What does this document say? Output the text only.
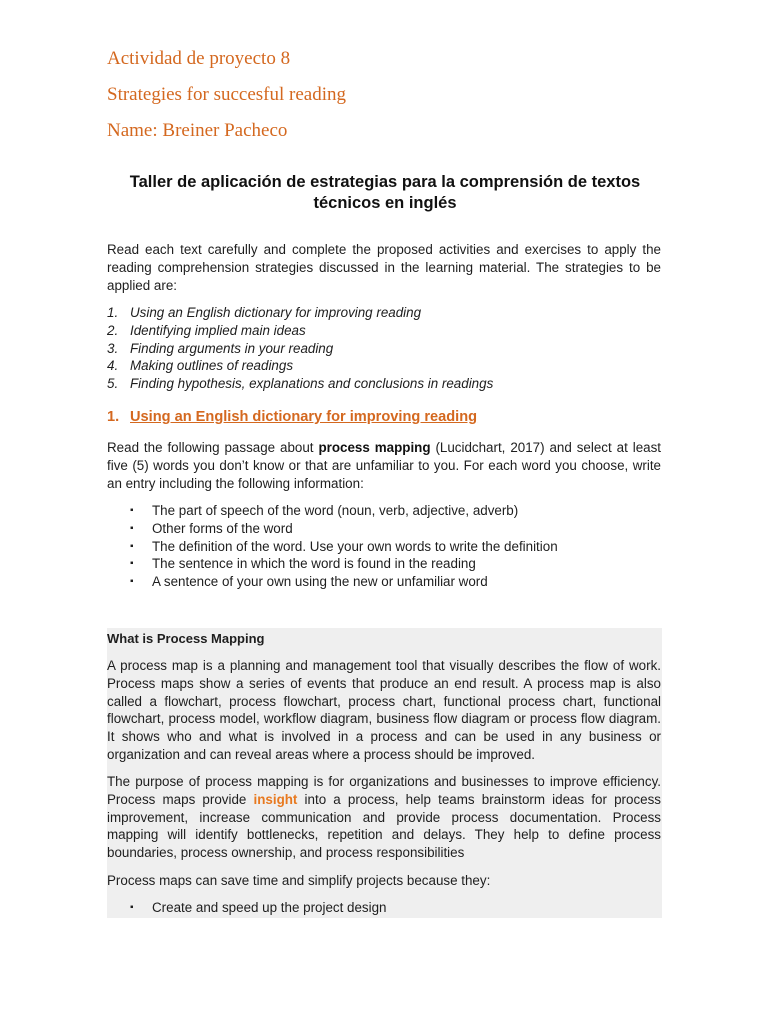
Actividad de proyecto 8
Strategies for succesful reading
Name: Breiner Pacheco
Taller de aplicación de estrategias para la comprensión de textos técnicos en inglés

Read each text carefully and complete the proposed activities and exercises to apply the reading comprehension strategies discussed in the learning material. The strategies to be applied are:

1. Using an English dictionary for improving reading
2. Identifying implied main ideas
3. Finding arguments in your reading
4. Making outlines of readings
5. Finding hypothesis, explanations and conclusions in readings
1. Using an English dictionary for improving reading

Read the following passage about process mapping (Lucidchart, 2017) and select at least five (5) words you don’t know or that are unfamiliar to you. For each word you choose, write an entry including the following information:

▪	The part of speech of the word (noun, verb, adjective, adverb)
▪	Other forms of the word
▪	The definition of the word. Use your own words to write the definition
▪	The sentence in which the word is found in the reading
▪	A sentence of your own using the new or unfamiliar word

What is Process Mapping

A process map is a planning and management tool that visually describes the flow of work. Process maps show a series of events that produce an end result. A process map is also called a flowchart, process flowchart, process chart, functional process chart, functional flowchart, process model, workflow diagram, business flow diagram or process flow diagram. It shows who and what is involved in a process and can be used in any business or organization and can reveal areas where a process should be improved.

The purpose of process mapping is for organizations and businesses to improve efficiency. Process maps provide insight into a process, help teams brainstorm ideas for process improvement, increase communication and provide process documentation. Process mapping will identify bottlenecks, repetition and delays. They help to define process boundaries, process ownership, and process responsibilities

Process maps can save time and simplify projects because they:

▪	Create and speed up the project design
